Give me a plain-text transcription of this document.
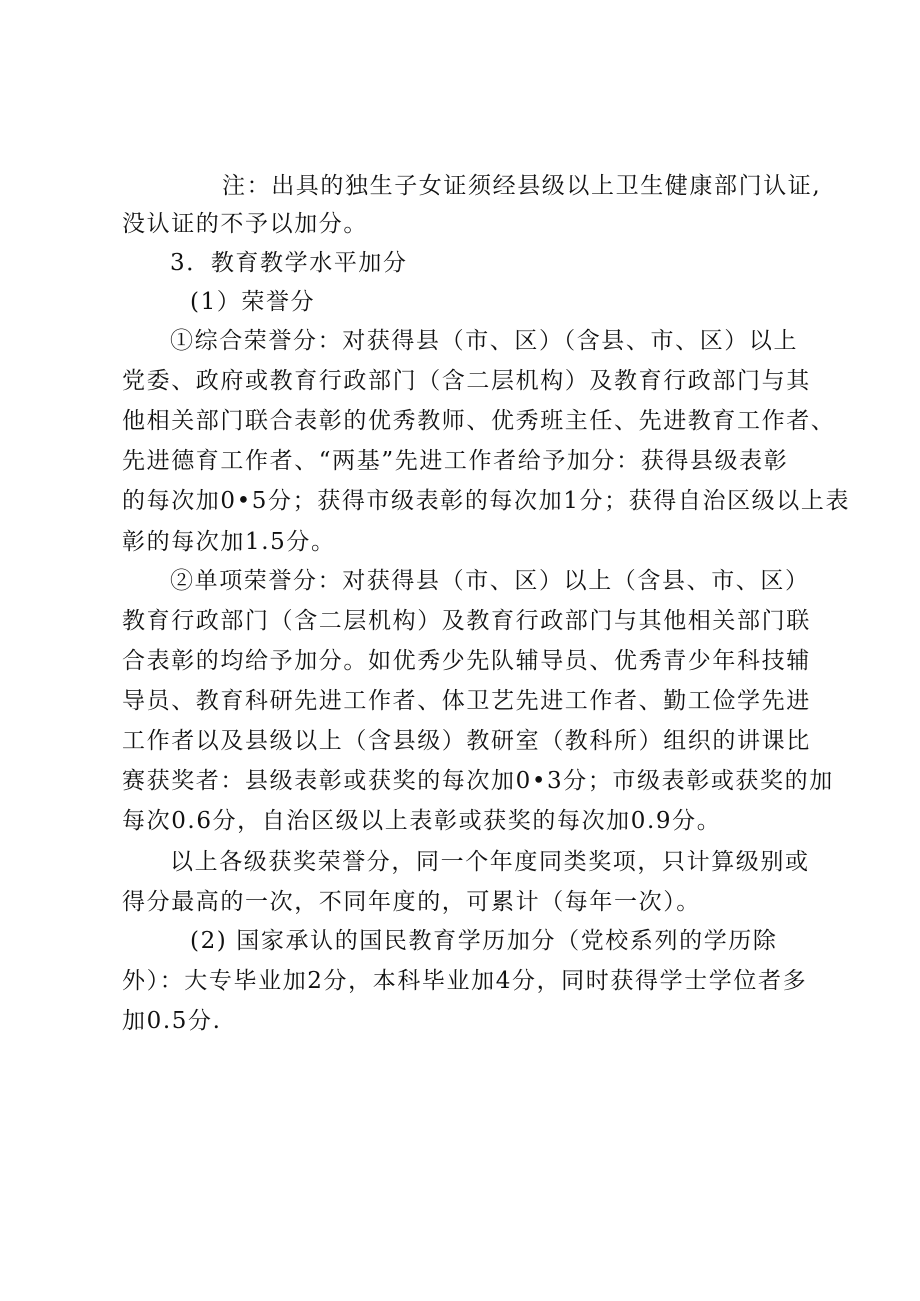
注：出具的独生子女证须经县级以上卫生健康部门认证,
没认证的不予以加分。
3．教育教学水平加分
(1）荣誉分
①综合荣誉分：对获得县（市、区）（含县、市、区）以上
党委、政府或教育行政部门（含二层机构）及教育行政部门与其
他相关部门联合表彰的优秀教师、优秀班主任、先进教育工作者、
先进德育工作者、“两基”先进工作者给予加分：获得县级表彰
的每次加0•5分；获得市级表彰的每次加1分；获得自治区级以上表
彰的每次加1.5分。
②单项荣誉分：对获得县（市、区）以上（含县、市、区）
教育行政部门（含二层机构）及教育行政部门与其他相关部门联
合表彰的均给予加分。如优秀少先队辅导员、优秀青少年科技辅
导员、教育科研先进工作者、体卫艺先进工作者、勤工俭学先进
工作者以及县级以上（含县级）教研室（教科所）组织的讲课比
赛获奖者：县级表彰或获奖的每次加0•3分；市级表彰或获奖的加
每次0.6分，自治区级以上表彰或获奖的每次加0.9分。
以上各级获奖荣誉分，同一个年度同类奖项，只计算级别或
得分最高的一次，不同年度的，可累计（每年一次）。
(2) 国家承认的国民教育学历加分（党校系列的学历除
外）：大专毕业加2分，本科毕业加4分，同时获得学士学位者多
加0.5分.
